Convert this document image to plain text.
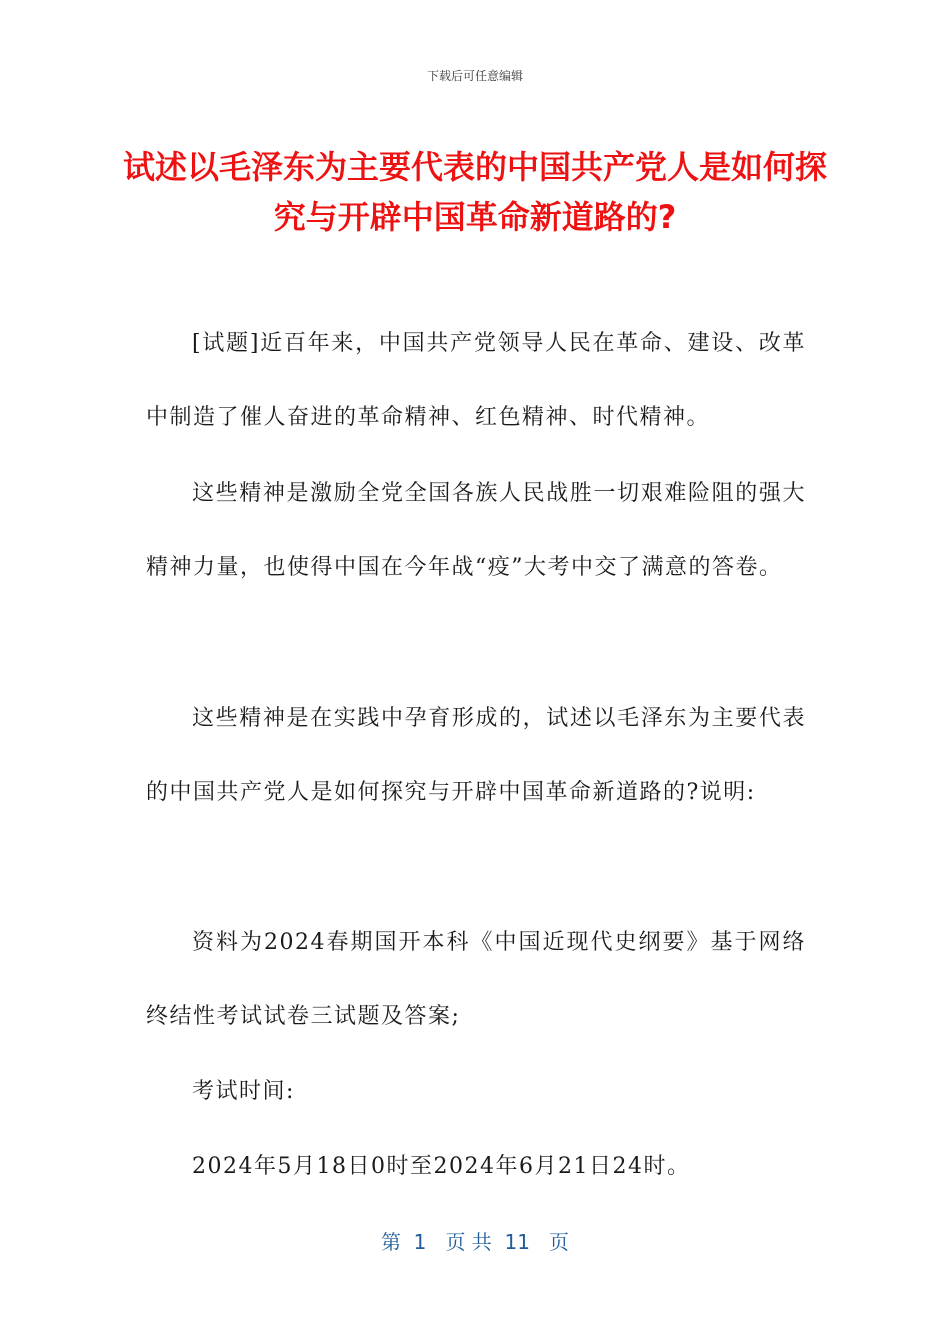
下载后可任意编辑
试述以毛泽东为主要代表的中国共产党人是如何探究与开辟中国革命新道路的?

[试题]近百年来，中国共产党领导人民在革命、建设、改革中制造了催人奋进的革命精神、红色精神、时代精神。

这些精神是激励全党全国各族人民战胜一切艰难险阻的强大精神力量，也使得中国在今年战“疫”大考中交了满意的答卷。

这些精神是在实践中孕育形成的，试述以毛泽东为主要代表的中国共产党人是如何探究与开辟中国革命新道路的?说明:

资料为2024春期国开本科《中国近现代史纲要》基于网络终结性考试试卷三试题及答案;

考试时间:

2024年5月18日0时至2024年6月21日24时。

第  1   页 共  11   页
